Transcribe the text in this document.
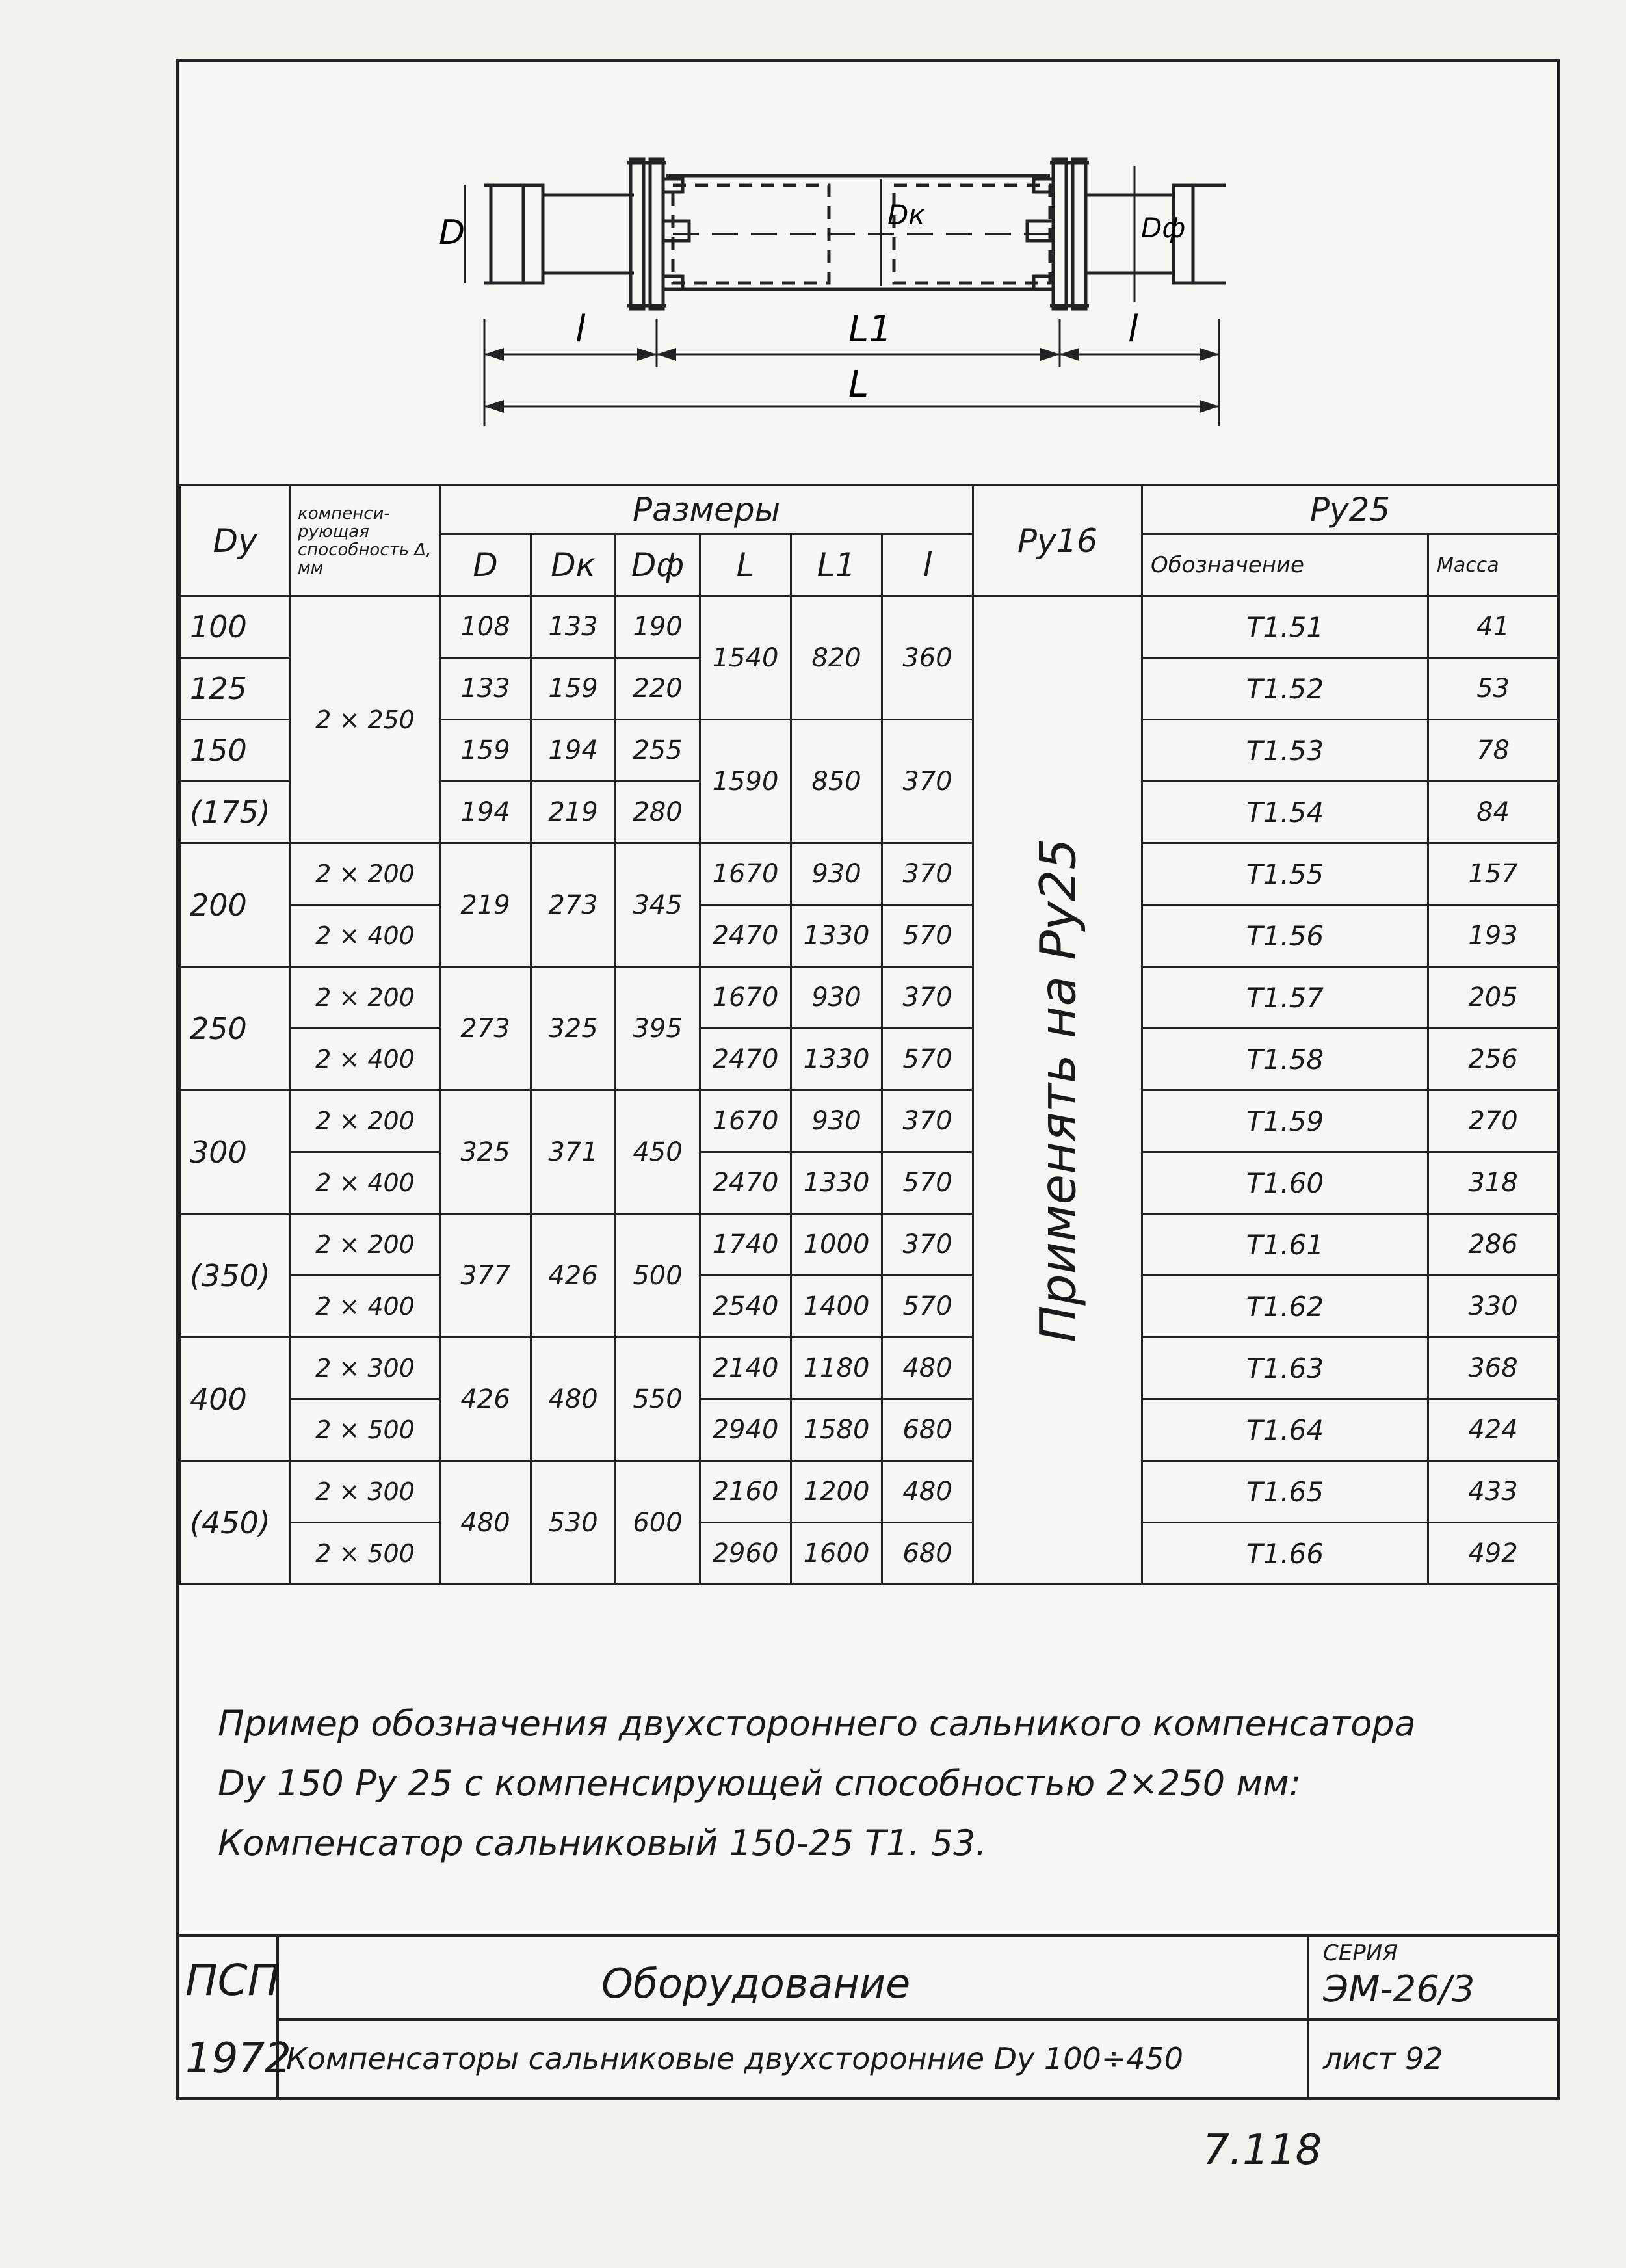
D	Dк	Dф
l	L1	l
L
Dу	компенси- рующая способность Δ, мм	Размеры						Py16	Py25	
		D	Dк	Dф	L	L1	l		Обозначение	Масса
100	2 × 250	108	133	190	1540	820	360	Применять на Py25	T1.51	41
125		133	159	220					T1.52	53
150		159	194	255	1590	850	370		T1.53	78
(175)		194	219	280					T1.54	84
200	2 × 200	219	273	345	1670	930	370		T1.55	157
	2 × 400				2470	1330	570		T1.56	193
250	2 × 200	273	325	395	1670	930	370		T1.57	205
	2 × 400				2470	1330	570		T1.58	256
300	2 × 200	325	371	450	1670	930	370		T1.59	270
	2 × 400				2470	1330	570		T1.60	318
(350)	2 × 200	377	426	500	1740	1000	370		T1.61	286
	2 × 400				2540	1400	570		T1.62	330
400	2 × 300	426	480	550	2140	1180	480		T1.63	368
	2 × 500				2940	1580	680		T1.64	424
(450)	2 × 300	480	530	600	2160	1200	480		T1.65	433
	2 × 500				2960	1600	680		T1.66	492
Пример обозначения двухстороннего сальникого компенсатора
Dу 150 Py 25 с компенсирующей способностью 2×250 мм:
Компенсатор сальниковый 150-25 T1. 53.
ПСП
1972
Оборудование
Компенсаторы сальниковые двухсторонние Dу 100÷450
СЕРИЯ
ЭМ-26/3
лист 92
7.118
